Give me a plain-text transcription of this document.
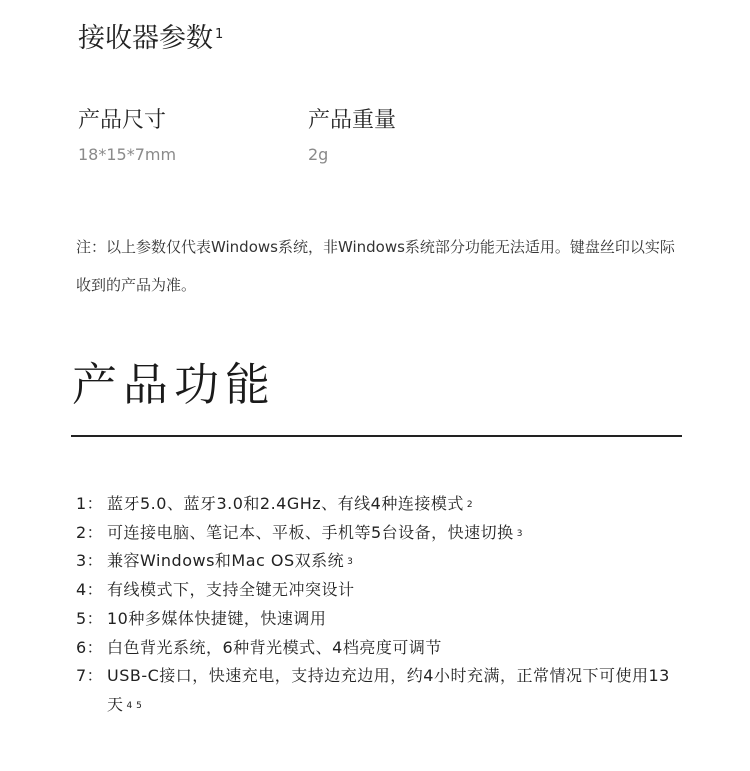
接收器参数 $^1$
产品尺寸
18*15*7mm
产品重量
2g

注：以上参数仅代表Windows系统，非Windows系统部分功能无法适用。键盘丝印以实际收到的产品为准。

产品功能
1： 蓝牙5.0、蓝牙3.0和2.4GHz、有线4种连接模式 $^2$
2： 可连接电脑、笔记本、平板、手机等5台设备，快速切换 $^3$
3： 兼容Windows和Mac OS双系统 $^3$
4： 有线模式下，支持全键无冲突设计
5： 10种多媒体快捷键，快速调用
6： 白色背光系统，6种背光模式、4档亮度可调节
7： USB-C接口，快速充电，支持边充边用，约4小时充满，正常情况下可使用13天 $^{4 5}$
